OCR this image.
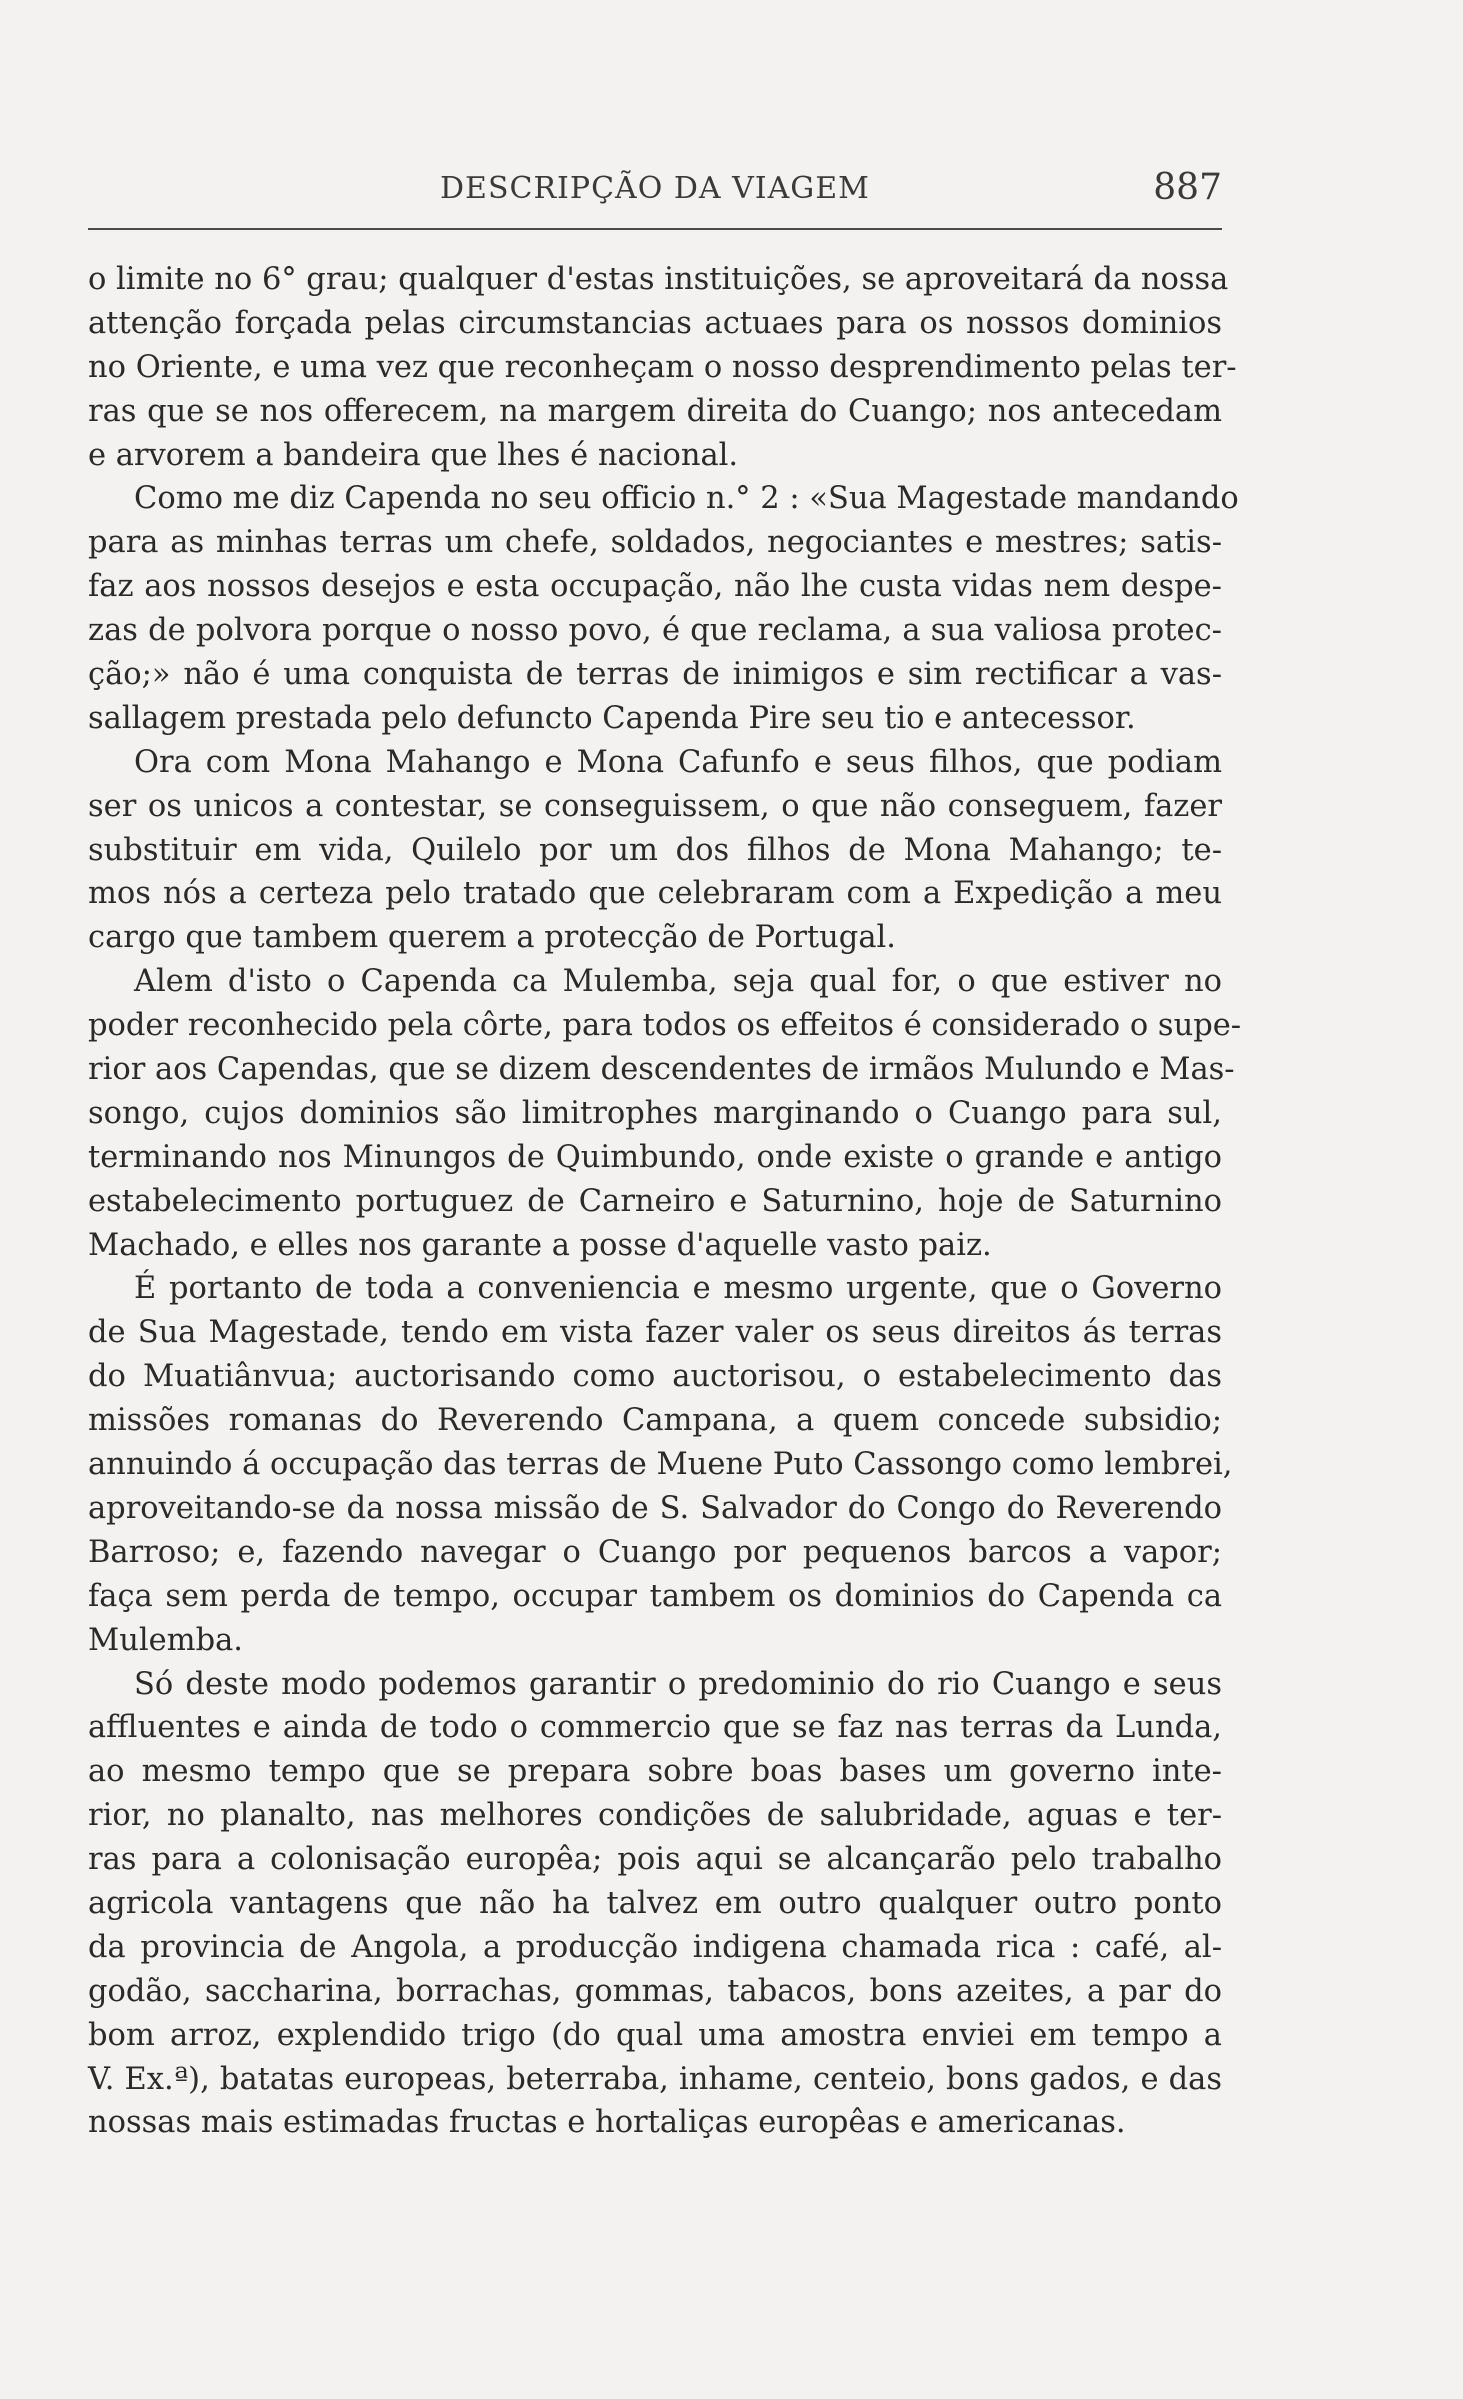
DESCRIPÇÃO DA VIAGEM	887
o limite no 6° grau; qualquer d'estas instituições, se aproveitará da nossa
attenção forçada pelas circumstancias actuaes para os nossos dominios
no Oriente, e uma vez que reconheçam o nosso desprendimento pelas ter-
ras que se nos offerecem, na margem direita do Cuango; nos antecedam
e arvorem a bandeira que lhes é nacional.
Como me diz Capenda no seu officio n.° 2 : «Sua Magestade mandando
para as minhas terras um chefe, soldados, negociantes e mestres; satis-
faz aos nossos desejos e esta occupação, não lhe custa vidas nem despe-
zas de polvora porque o nosso povo, é que reclama, a sua valiosa protec-
ção;» não é uma conquista de terras de inimigos e sim rectificar a vas-
sallagem prestada pelo defuncto Capenda Pire seu tio e antecessor.
Ora com Mona Mahango e Mona Cafunfo e seus filhos, que podiam
ser os unicos a contestar, se conseguissem, o que não conseguem, fazer
substituir em vida, Quilelo por um dos filhos de Mona Mahango; te-
mos nós a certeza pelo tratado que celebraram com a Expedição a meu
cargo que tambem querem a protecção de Portugal.
Alem d'isto o Capenda ca Mulemba, seja qual for, o que estiver no
poder reconhecido pela côrte, para todos os effeitos é considerado o supe-
rior aos Capendas, que se dizem descendentes de irmãos Mulundo e Mas-
songo, cujos dominios são limitrophes marginando o Cuango para sul,
terminando nos Minungos de Quimbundo, onde existe o grande e antigo
estabelecimento portuguez de Carneiro e Saturnino, hoje de Saturnino
Machado, e elles nos garante a posse d'aquelle vasto paiz.
É portanto de toda a conveniencia e mesmo urgente, que o Governo
de Sua Magestade, tendo em vista fazer valer os seus direitos ás terras
do Muatiânvua; auctorisando como auctorisou, o estabelecimento das
missões romanas do Reverendo Campana, a quem concede subsidio;
annuindo á occupação das terras de Muene Puto Cassongo como lembrei,
aproveitando-se da nossa missão de S. Salvador do Congo do Reverendo
Barroso; e, fazendo navegar o Cuango por pequenos barcos a vapor;
faça sem perda de tempo, occupar tambem os dominios do Capenda ca
Mulemba.
Só deste modo podemos garantir o predominio do rio Cuango e seus
affluentes e ainda de todo o commercio que se faz nas terras da Lunda,
ao mesmo tempo que se prepara sobre boas bases um governo inte-
rior, no planalto, nas melhores condições de salubridade, aguas e ter-
ras para a colonisação europêa; pois aqui se alcançarão pelo trabalho
agricola vantagens que não ha talvez em outro qualquer outro ponto
da provincia de Angola, a producção indigena chamada rica : café, al-
godão, saccharina, borrachas, gommas, tabacos, bons azeites, a par do
bom arroz, explendido trigo (do qual uma amostra enviei em tempo a
V. Ex.ª), batatas europeas, beterraba, inhame, centeio, bons gados, e das
nossas mais estimadas fructas e hortaliças europêas e americanas.
